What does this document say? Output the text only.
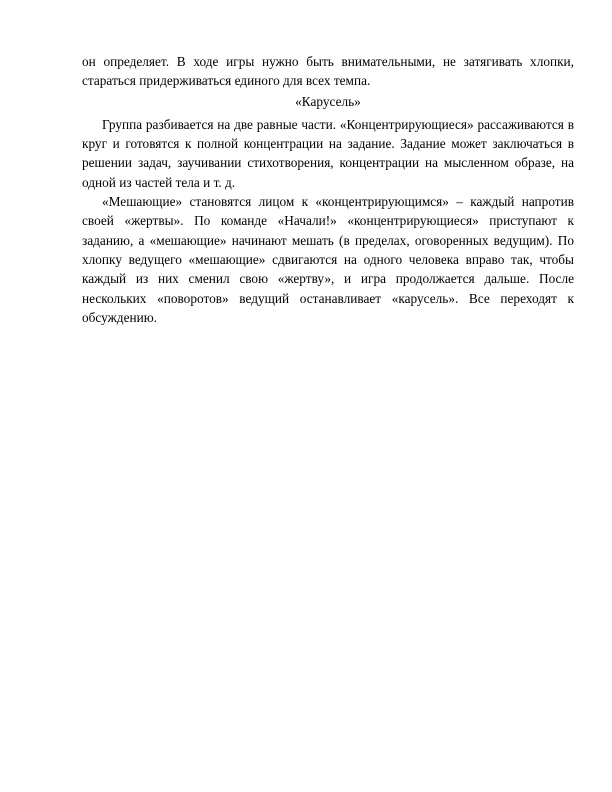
он определяет. В ходе игры нужно быть внимательными, не затягивать хлопки, стараться придерживаться единого для всех темпа.

«Карусель»

Группа разбивается на две равные части. «Концентрирующиеся» рассаживаются в круг и готовятся к полной концентрации на задание. Задание может заключаться в решении задач, заучивании стихотворения, концентрации на мысленном образе, на одной из частей тела и т. д.

«Мешающие» становятся лицом к «концентрирующимся» – каждый напротив своей «жертвы». По команде «Начали!» «концентрирующиеся» приступают к заданию, а «мешающие» начинают мешать (в пределах, оговоренных ведущим). По хлопку ведущего «мешающие» сдвигаются на одного человека вправо так, чтобы каждый из них сменил свою «жертву», и игра продолжается дальше. После нескольких «поворотов» ведущий останавливает «карусель». Все переходят к обсуждению.
